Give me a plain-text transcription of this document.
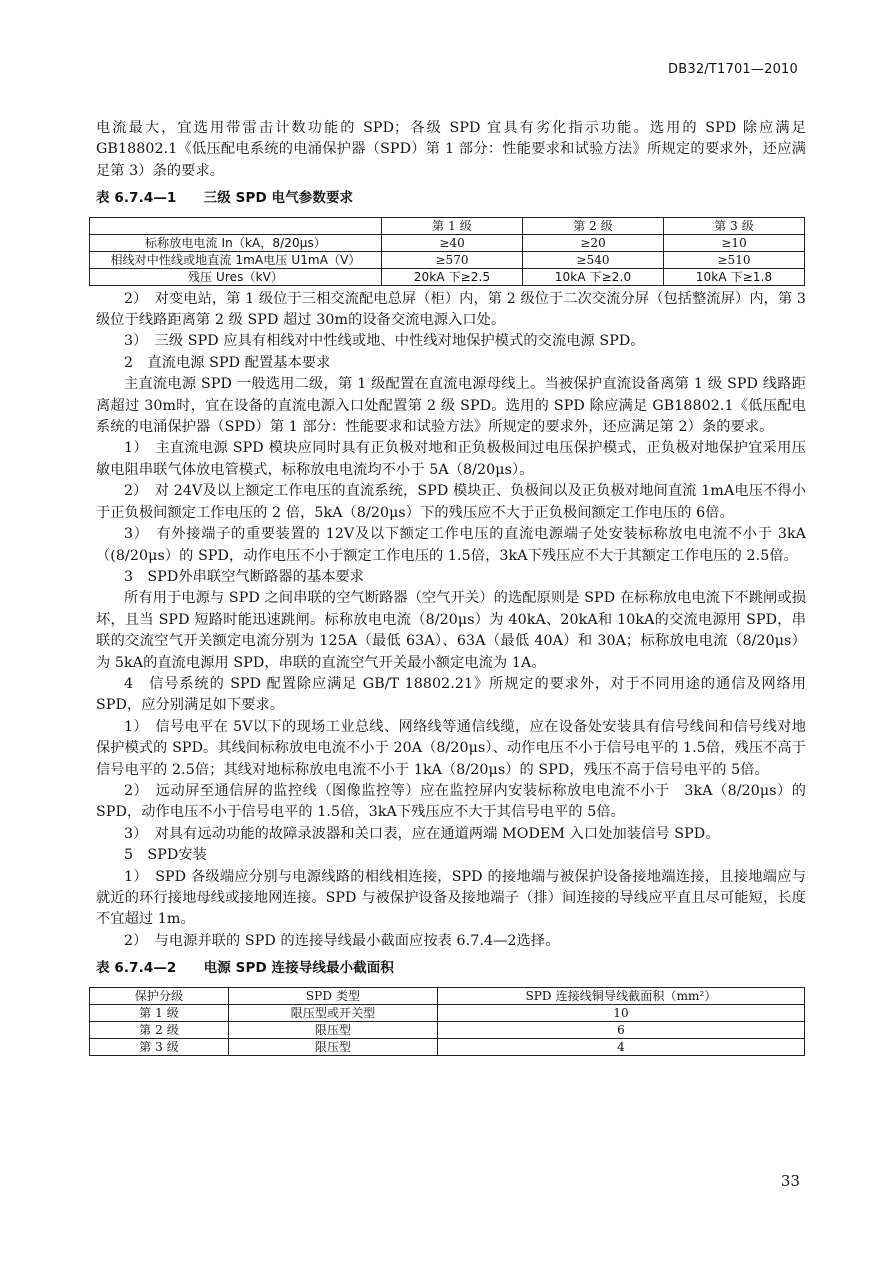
DB32/T1701—2010

电流最大，宜选用带雷击计数功能的 SPD；各级 SPD 宜具有劣化指示功能。选用的 SPD 除应满足 GB18802.1《低压配电系统的电涌保护器（SPD）第 1 部分：性能要求和试验方法》所规定的要求外，还应满足第 3）条的要求。

表 6.7.4—1　　三级 SPD 电气参数要求

	第 1 级	第 2 级	第 3 级
标称放电电流 In（kA，8/20μs）	≥40	≥20	≥10
相线对中性线或地直流 1mA电压 U1mA（V）	≥570	≥540	≥510
残压 Ures（kV）	20kA 下≥2.5	10kA 下≥2.0	10kA 下≥1.8

2）　对变电站，第 1 级位于三相交流配电总屏（柜）内，第 2 级位于二次交流分屏（包括整流屏）内，第 3 级位于线路距离第 2 级 SPD 超过 30m的设备交流电源入口处。

3）　三级 SPD 应具有相线对中性线或地、中性线对地保护模式的交流电源 SPD。

2　直流电源 SPD 配置基本要求

主直流电源 SPD 一般选用二级，第 1 级配置在直流电源母线上。当被保护直流设备离第 1 级 SPD 线路距离超过 30m时，宜在设备的直流电源入口处配置第 2 级 SPD。选用的 SPD 除应满足 GB18802.1《低压配电系统的电涌保护器（SPD）第 1 部分：性能要求和试验方法》所规定的要求外，还应满足第 2）条的要求。

1）　主直流电源 SPD 模块应同时具有正负极对地和正负极极间过电压保护模式，正负极对地保护宜采用压敏电阻串联气体放电管模式，标称放电电流均不小于 5A（8/20μs）。

2）　对 24V及以上额定工作电压的直流系统，SPD 模块正、负极间以及正负极对地间直流 1mA电压不得小于正负极间额定工作电压的 2 倍，5kA（8/20μs）下的残压应不大于正负极间额定工作电压的 6倍。

3）　有外接端子的重要装置的 12V及以下额定工作电压的直流电源端子处安装标称放电电流不小于 3kA（(8/20μs）的 SPD，动作电压不小于额定工作电压的 1.5倍，3kA下残压应不大于其额定工作电压的 2.5倍。

3　SPD外串联空气断路器的基本要求

所有用于电源与 SPD 之间串联的空气断路器（空气开关）的选配原则是 SPD 在标称放电电流下不跳闸或损坏，且当 SPD 短路时能迅速跳闸。标称放电电流（8/20μs）为 40kA、20kA和 10kA的交流电源用 SPD，串联的交流空气开关额定电流分别为 125A（最低 63A）、63A（最低 40A）和 30A；标称放电电流（8/20μs）为 5kA的直流电源用 SPD，串联的直流空气开关最小额定电流为 1A。

4　信号系统的 SPD 配置除应满足 GB/T 18802.21》所规定的要求外，对于不同用途的通信及网络用 SPD，应分别满足如下要求。

1）　信号电平在 5V以下的现场工业总线、网络线等通信线缆，应在设备处安装具有信号线间和信号线对地保护模式的 SPD。其线间标称放电电流不小于 20A（8/20μs）、动作电压不小于信号电平的 1.5倍，残压不高于信号电平的 2.5倍；其线对地标称放电电流不小于 1kA（8/20μs）的 SPD，残压不高于信号电平的 5倍。

2）　远动屏至通信屏的监控线（图像监控等）应在监控屏内安装标称放电电流不小于　3kA（8/20μs）的 SPD，动作电压不小于信号电平的 1.5倍，3kA下残压应不大于其信号电平的 5倍。

3）　对具有远动功能的故障录波器和关口表，应在通道两端 MODEM 入口处加装信号 SPD。

5　SPD安装

1）　SPD 各级端应分别与电源线路的相线相连接，SPD 的接地端与被保护设备接地端连接，且接地端应与就近的环行接地母线或接地网连接。SPD 与被保护设备及接地端子（排）间连接的导线应平直且尽可能短，长度不宜超过 1m。

2）　与电源并联的 SPD 的连接导线最小截面应按表 6.7.4—2选择。

表 6.7.4—2　　电源 SPD 连接导线最小截面积

保护分级	SPD 类型	SPD 连接线铜导线截面积（mm²）
第 1 级	限压型或开关型	10
第 2 级	限压型	6
第 3 级	限压型	4
33
